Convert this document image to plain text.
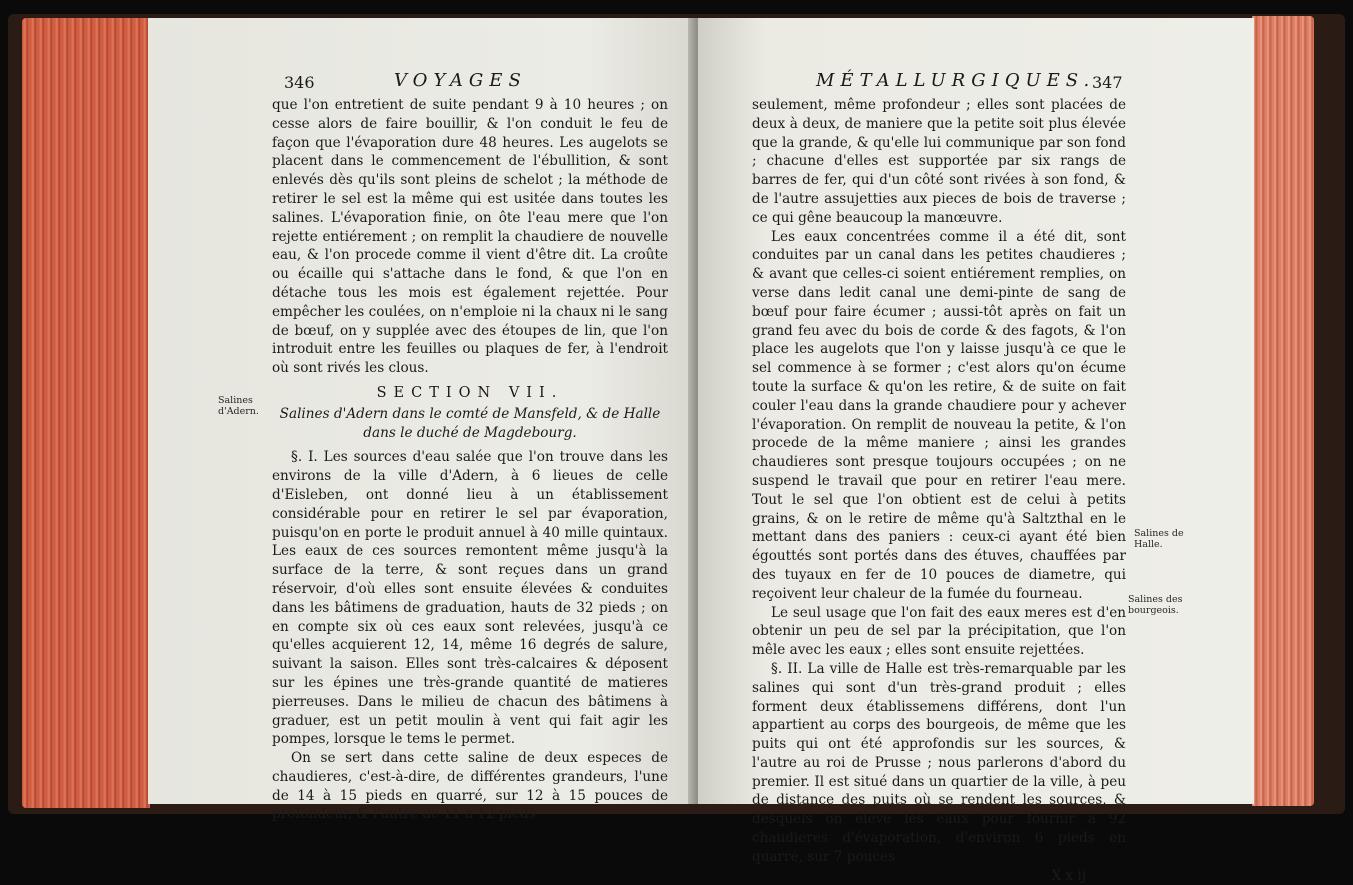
346	VOYAGES

que l'on entretient de suite pendant 9 à 10 heures ; on cesse alors de faire bouillir, & l'on conduit le feu de façon que l'évaporation dure 48 heures. Les augelots se placent dans le commencement de l'ébullition, & sont enlevés dès qu'ils sont pleins de schelot ; la méthode de retirer le sel est la même qui est usitée dans toutes les salines. L'évaporation finie, on ôte l'eau mere que l'on rejette entiérement ; on remplit la chaudiere de nouvelle eau, & l'on procede comme il vient d'être dit. La croûte ou écaille qui s'attache dans le fond, & que l'on en détache tous les mois est également rejettée. Pour empêcher les coulées, on n'emploie ni la chaux ni le sang de bœuf, on y supplée avec des étoupes de lin, que l'on introduit entre les feuilles ou plaques de fer, à l'endroit où sont rivés les clous.

SECTION VII.
Salines d'Adern dans le comté de Mansfeld, & de Halle dans le duché de Magdebourg.

§. I. Les sources d'eau salée que l'on trouve dans les environs de la ville d'Adern, à 6 lieues de celle d'Eisleben, ont donné lieu à un établissement considérable pour en retirer le sel par évaporation, puisqu'on en porte le produit annuel à 40 mille quintaux. Les eaux de ces sources remontent même jusqu'à la surface de la terre, & sont reçues dans un grand réservoir, d'où elles sont ensuite élevées & conduites dans les bâtimens de graduation, hauts de 32 pieds ; on en compte six où ces eaux sont relevées, jusqu'à ce qu'elles acquierent 12, 14, même 16 degrés de salure, suivant la saison. Elles sont très-calcaires & déposent sur les épines une très-grande quantité de matieres pierreuses. Dans le milieu de chacun des bâtimens à graduer, est un petit moulin à vent qui fait agir les pompes, lorsque le tems le permet.

On se sert dans cette saline de deux especes de chaudieres, c'est-à-dire, de différentes grandeurs, l'une de 14 à 15 pieds en quarré, sur 12 à 15 pouces de profondeur, & l'autre de 11 à 12 pieds

Salines d'Adern.
MÉTALLURGIQUES.
347

seulement, même profondeur ; elles sont placées de deux à deux, de maniere que la petite soit plus élevée que la grande, & qu'elle lui communique par son fond ; chacune d'elles est supportée par six rangs de barres de fer, qui d'un côté sont rivées à son fond, & de l'autre assujetties aux pieces de bois de traverse ; ce qui gêne beaucoup la manœuvre.

Les eaux concentrées comme il a été dit, sont conduites par un canal dans les petites chaudieres ; & avant que celles-ci soient entiérement remplies, on verse dans ledit canal une demi-pinte de sang de bœuf pour faire écumer ; aussi-tôt après on fait un grand feu avec du bois de corde & des fagots, & l'on place les augelots que l'on y laisse jusqu'à ce que le sel commence à se former ; c'est alors qu'on écume toute la surface & qu'on les retire, & de suite on fait couler l'eau dans la grande chaudiere pour y achever l'évaporation. On remplit de nouveau la petite, & l'on procede de la même maniere ; ainsi les grandes chaudieres sont presque toujours occupées ; on ne suspend le travail que pour en retirer l'eau mere. Tout le sel que l'on obtient est de celui à petits grains, & on le retire de même qu'à Saltzthal en le mettant dans des paniers : ceux-ci ayant été bien égouttés sont portés dans des étuves, chauffées par des tuyaux en fer de 10 pouces de diametre, qui reçoivent leur chaleur de la fumée du fourneau.

Le seul usage que l'on fait des eaux meres est d'en obtenir un peu de sel par la précipitation, que l'on mêle avec les eaux ; elles sont ensuite rejettées.

§. II. La ville de Halle est très-remarquable par les salines qui sont d'un très-grand produit ; elles forment deux établissemens différens, dont l'un appartient au corps des bourgeois, de même que les puits qui ont été approfondis sur les sources, & l'autre au roi de Prusse ; nous parlerons d'abord du premier. Il est situé dans un quartier de la ville, à peu de distance des puits où se rendent les sources, & desquels on éleve les eaux pour fournir à 92 chaudieres d'évaporation, d'environ 6 pieds en quarré, sur 7 pouces

X x ij
Salines de Halle.
Salines des bourgeois.
